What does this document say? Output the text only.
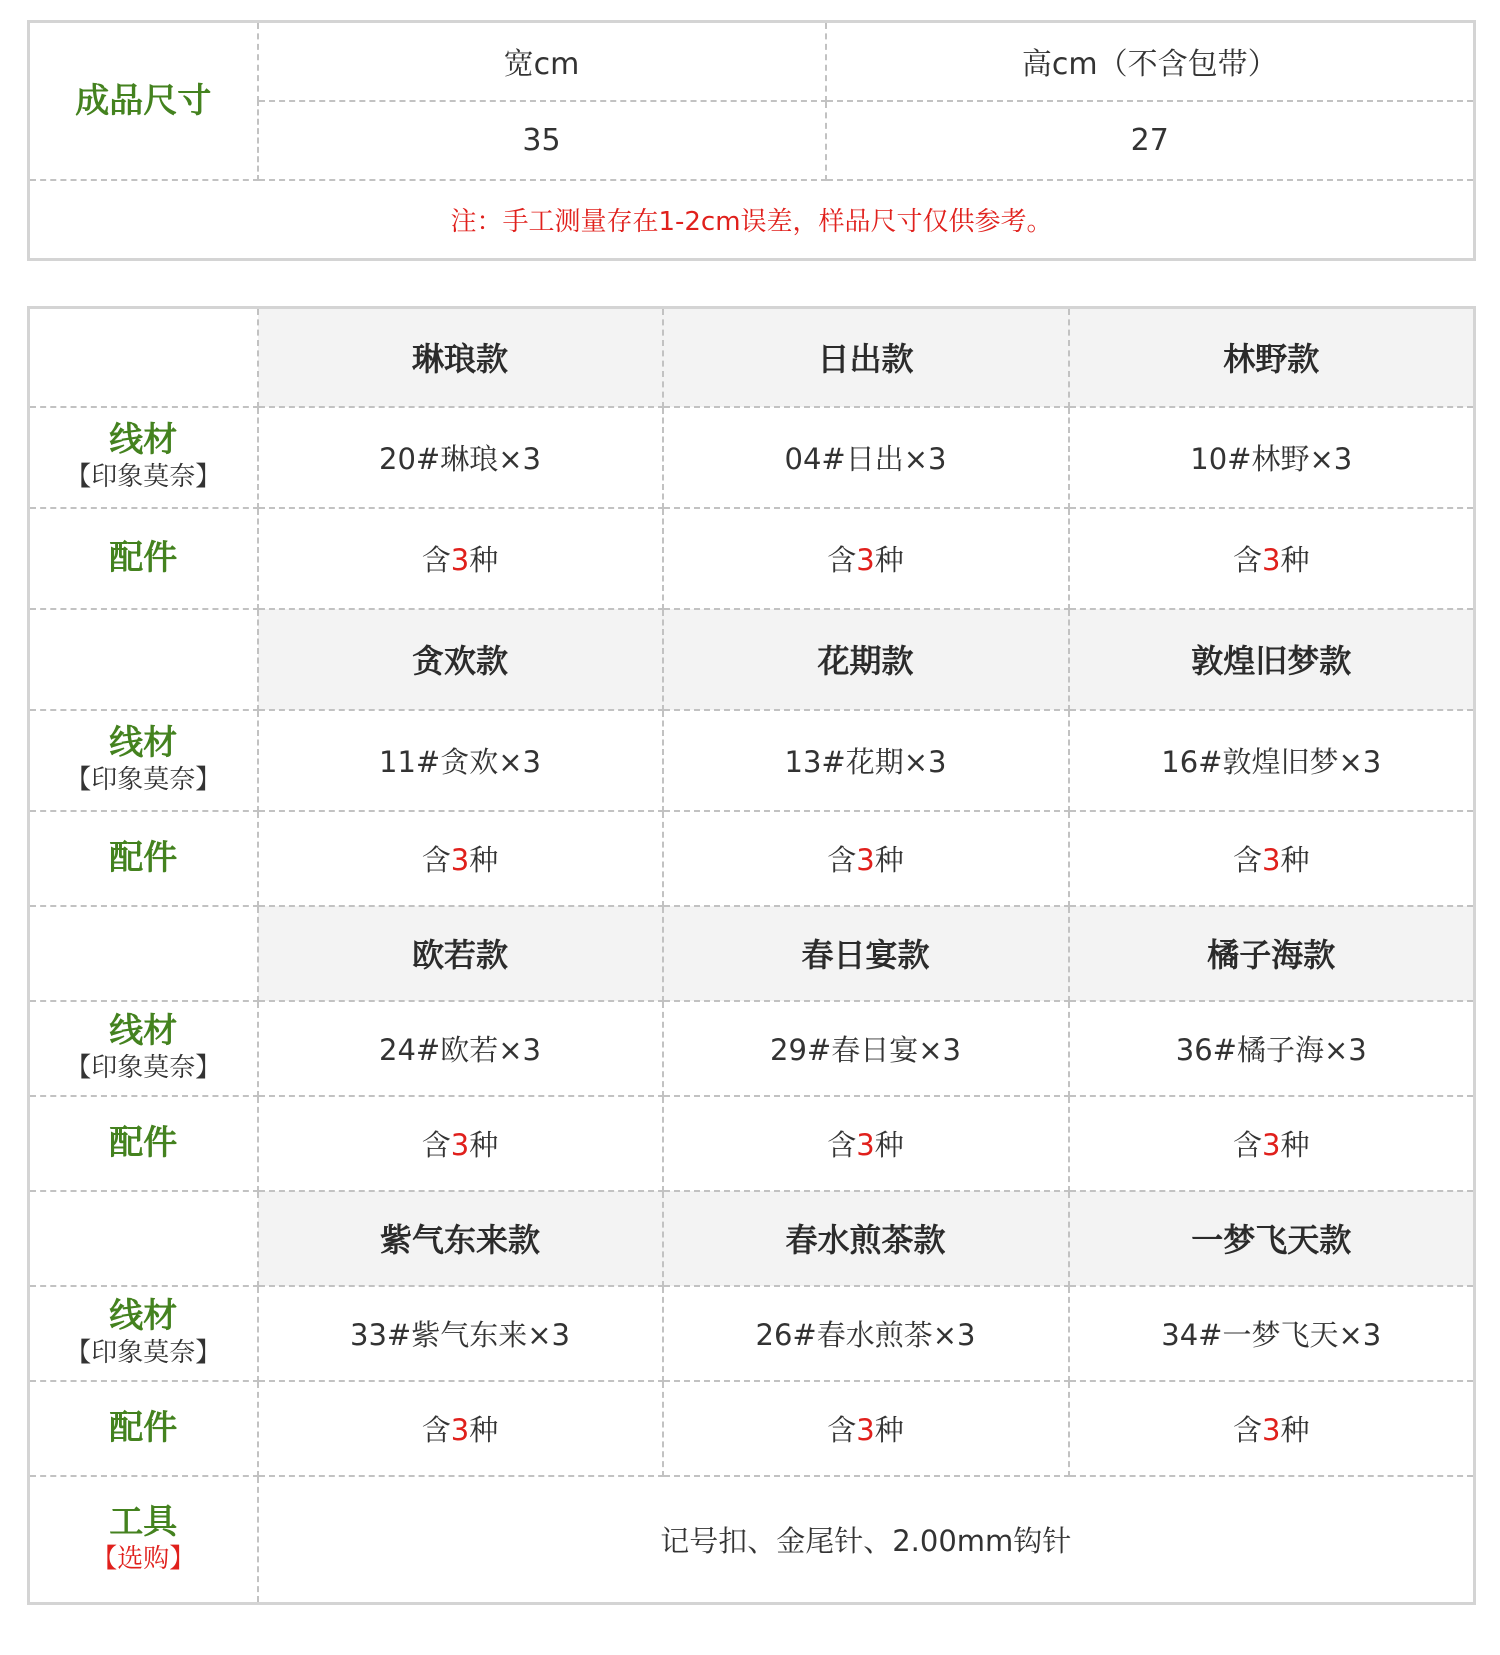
成品尺寸	宽cm	高cm（不含包带）
	35	27
注：手工测量存在1-2cm误差，样品尺寸仅供参考。		
	琳琅款	日出款	林野款

线材
【印象莫奈】	20#琳琅×3	04#日出×3	10#林野×3
配件	含3种	含3种	含3种
	贪欢款	花期款	敦煌旧梦款

线材
【印象莫奈】	11#贪欢×3	13#花期×3	16#敦煌旧梦×3
配件	含3种	含3种	含3种
	欧若款	春日宴款	橘子海款

线材
【印象莫奈】	24#欧若×3	29#春日宴×3	36#橘子海×3
配件	含3种	含3种	含3种
	紫气东来款	春水煎茶款	一梦飞天款

线材
【印象莫奈】	33#紫气东来×3	26#春水煎茶×3	34#一梦飞天×3
配件	含3种	含3种	含3种

工具
【选购】	记号扣、金尾针、2.00mm钩针		
